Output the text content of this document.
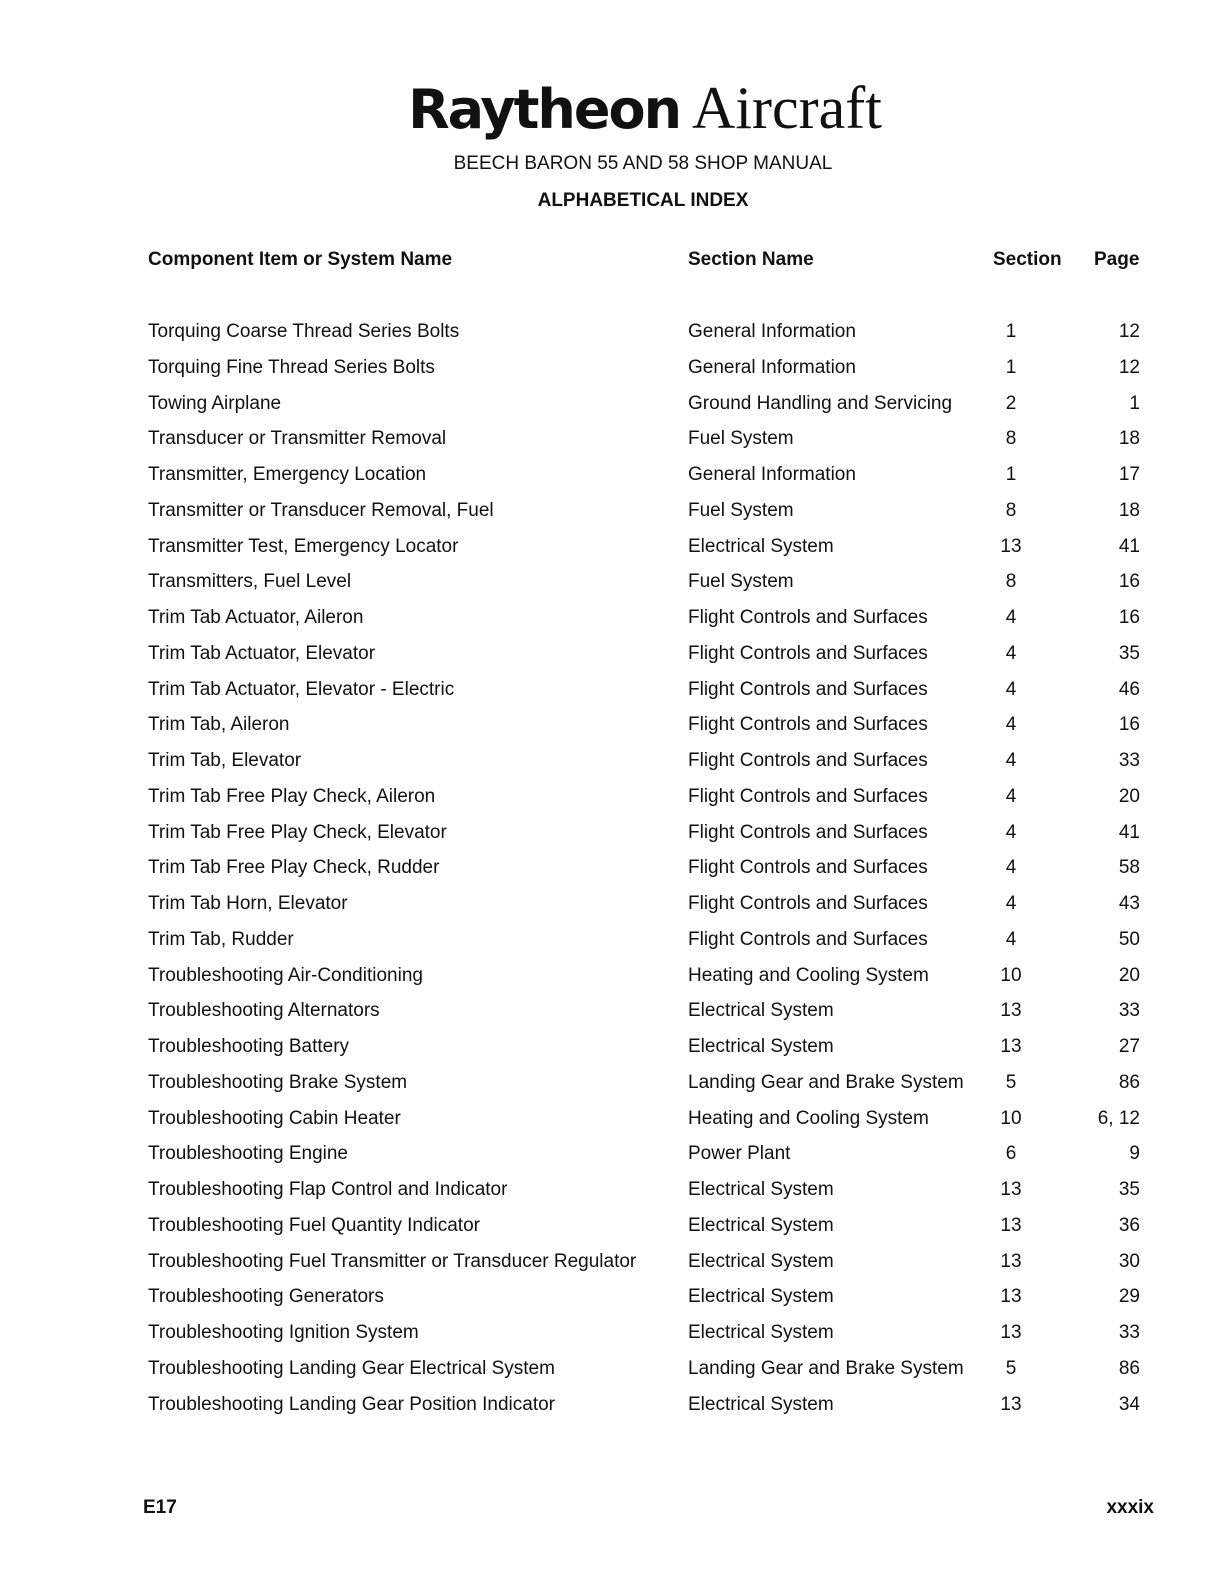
Raytheon Aircraft
BEECH BARON 55 AND 58 SHOP MANUAL
ALPHABETICAL INDEX
Component Item or System Name	Section Name	Section Page
Torquing Coarse Thread Series Bolts	General Information	1	12
Torquing Fine Thread Series Bolts	General Information	1	12
Towing Airplane	Ground Handling and Servicing	2	1
Transducer or Transmitter Removal	Fuel System	8	18
Transmitter, Emergency Location	General Information	1	17
Transmitter or Transducer Removal, Fuel	Fuel System	8	18
Transmitter Test, Emergency Locator	Electrical System	13	41
Transmitters, Fuel Level	Fuel System	8	16
Trim Tab Actuator, Aileron	Flight Controls and Surfaces	4	16
Trim Tab Actuator, Elevator	Flight Controls and Surfaces	4	35
Trim Tab Actuator, Elevator - Electric	Flight Controls and Surfaces	4	46
Trim Tab, Aileron	Flight Controls and Surfaces	4	16
Trim Tab, Elevator	Flight Controls and Surfaces	4	33
Trim Tab Free Play Check, Aileron	Flight Controls and Surfaces	4	20
Trim Tab Free Play Check, Elevator	Flight Controls and Surfaces	4	41
Trim Tab Free Play Check, Rudder	Flight Controls and Surfaces	4	58
Trim Tab Horn, Elevator	Flight Controls and Surfaces	4	43
Trim Tab, Rudder	Flight Controls and Surfaces	4	50
Troubleshooting Air-Conditioning	Heating and Cooling System	10	20
Troubleshooting Alternators	Electrical System	13	33
Troubleshooting Battery	Electrical System	13	27
Troubleshooting Brake System	Landing Gear and Brake System	5	86
Troubleshooting Cabin Heater	Heating and Cooling System	10	6, 12
Troubleshooting Engine	Power Plant	6	9
Troubleshooting Flap Control and Indicator	Electrical System	13	35
Troubleshooting Fuel Quantity Indicator	Electrical System	13	36
Troubleshooting Fuel Transmitter or Transducer Regulator	Electrical System	13	30
Troubleshooting Generators	Electrical System	13	29
Troubleshooting Ignition System	Electrical System	13	33
Troubleshooting Landing Gear Electrical System	Landing Gear and Brake System	5	86
Troubleshooting Landing Gear Position Indicator	Electrical System	13	34
E17	xxxix
